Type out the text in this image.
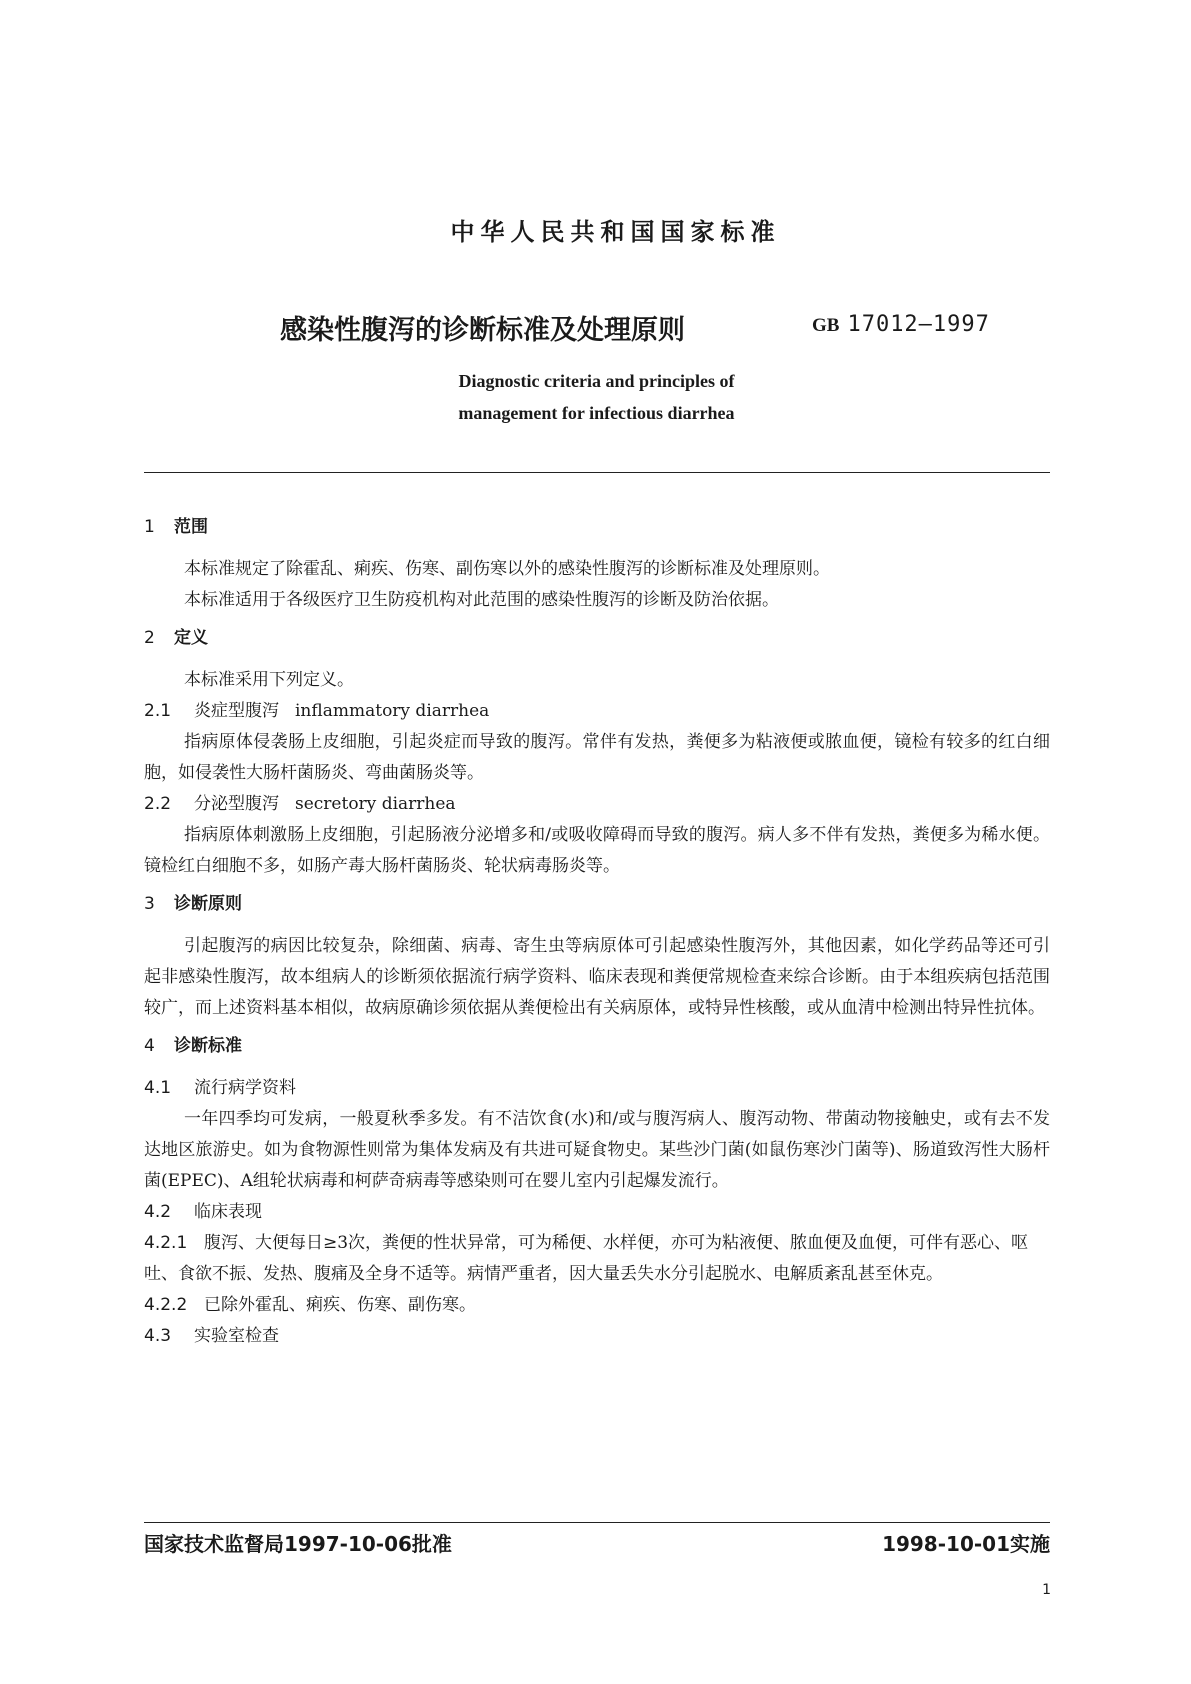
中华人民共和国国家标准
感染性腹泻的诊断标准及处理原则	GB 17012—1997
Diagnostic criteria and principles of
management for infectious diarrhea
1 范围

本标准规定了除霍乱、痢疾、伤寒、副伤寒以外的感染性腹泻的诊断标准及处理原则。

本标准适用于各级医疗卫生防疫机构对此范围的感染性腹泻的诊断及防治依据。

2 定义

本标准采用下列定义。

2.1 炎症型腹泻 inflammatory diarrhea

指病原体侵袭肠上皮细胞，引起炎症而导致的腹泻。常伴有发热，粪便多为粘液便或脓血便，镜检有较多的红白细胞，如侵袭性大肠杆菌肠炎、弯曲菌肠炎等。

2.2 分泌型腹泻 secretory diarrhea

指病原体刺激肠上皮细胞，引起肠液分泌增多和/或吸收障碍而导致的腹泻。病人多不伴有发热，粪便多为稀水便。镜检红白细胞不多，如肠产毒大肠杆菌肠炎、轮状病毒肠炎等。

3 诊断原则

引起腹泻的病因比较复杂，除细菌、病毒、寄生虫等病原体可引起感染性腹泻外，其他因素，如化学药品等还可引起非感染性腹泻，故本组病人的诊断须依据流行病学资料、临床表现和粪便常规检查来综合诊断。由于本组疾病包括范围较广，而上述资料基本相似，故病原确诊须依据从粪便检出有关病原体，或特异性核酸，或从血清中检测出特异性抗体。

4 诊断标准
4.1 流行病学资料

一年四季均可发病，一般夏秋季多发。有不洁饮食(水)和/或与腹泻病人、腹泻动物、带菌动物接触史，或有去不发达地区旅游史。如为食物源性则常为集体发病及有共进可疑食物史。某些沙门菌(如鼠伤寒沙门菌等)、肠道致泻性大肠杆菌(EPEC)、A组轮状病毒和柯萨奇病毒等感染则可在婴儿室内引起爆发流行。

4.2 临床表现

4.2.1 腹泻、大便每日≥3次，粪便的性状异常，可为稀便、水样便，亦可为粘液便、脓血便及血便，可伴有恶心、呕吐、食欲不振、发热、腹痛及全身不适等。病情严重者，因大量丢失水分引起脱水、电解质紊乱甚至休克。

4.2.2 已除外霍乱、痢疾、伤寒、副伤寒。

4.3 实验室检查
国家技术监督局1997-10-06批准	1998-10-01实施
1
